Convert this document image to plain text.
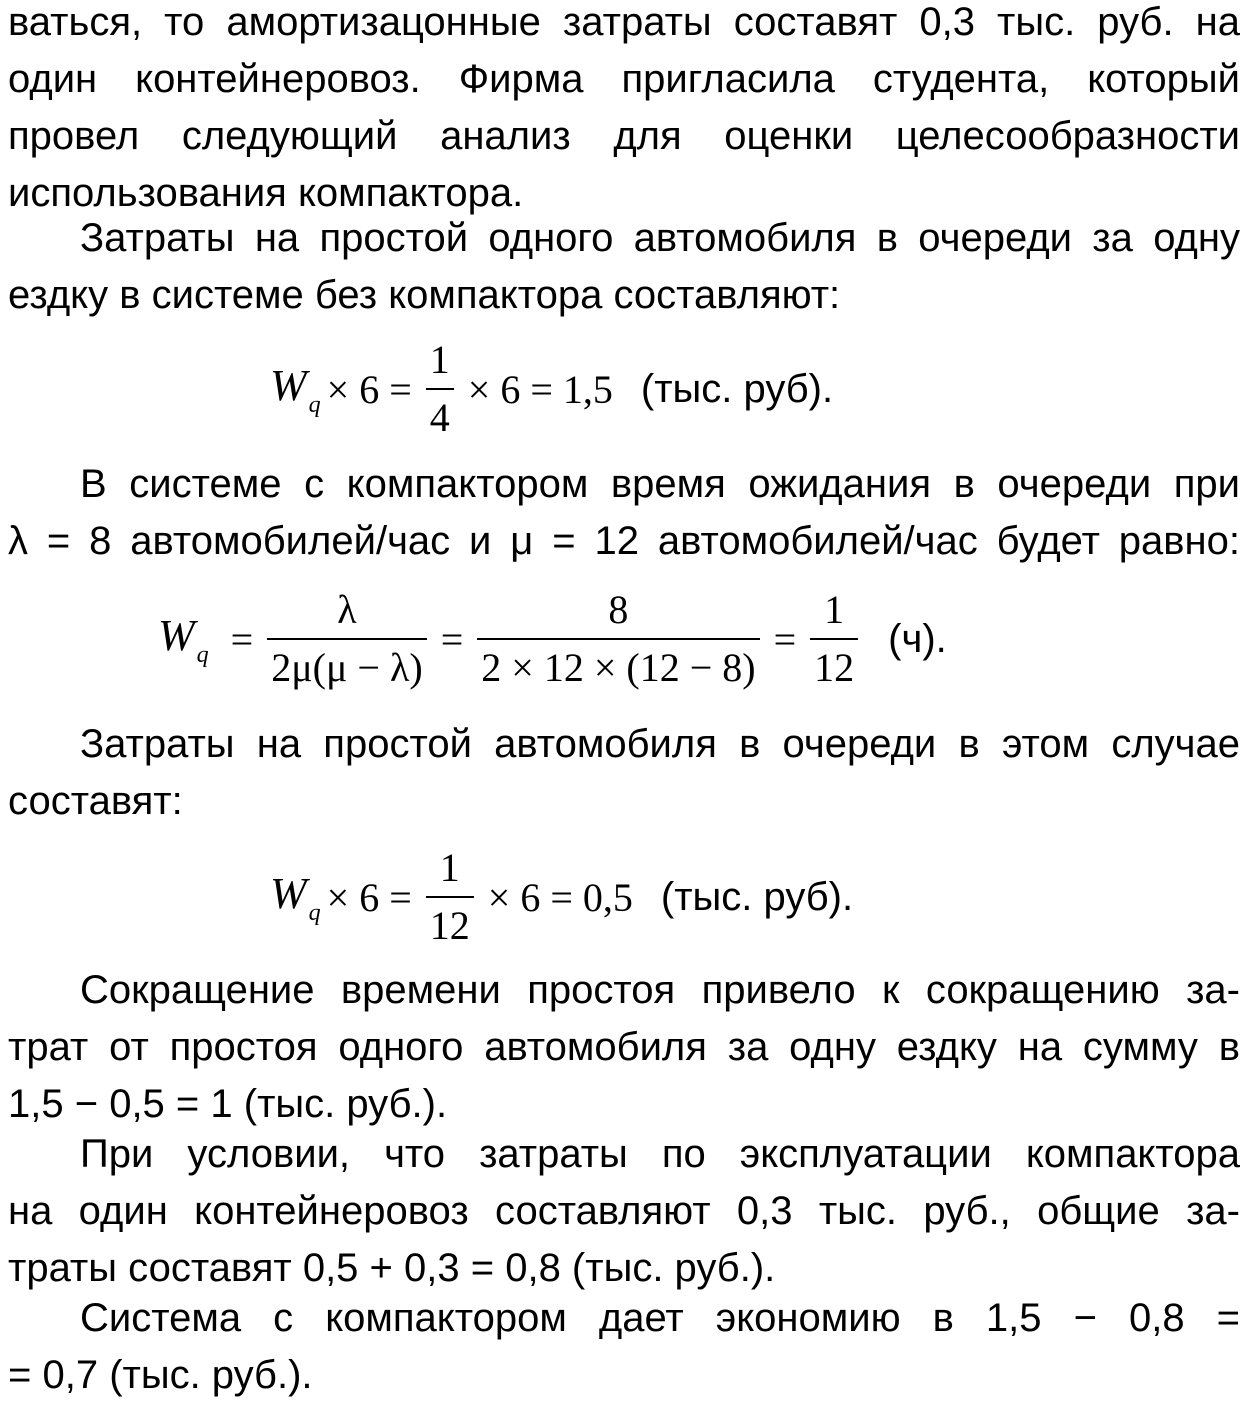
ваться, то амортизацонные затраты составят 0,3 тыс. руб. на
один контейнеровоз. Фирма пригласила студента, который
провел следующий анализ для оценки целесообразности
использования компактора.
Затраты на простой одного автомобиля в очереди за одну
ездку в системе без компактора составляют:
$W_q \times 6 = \frac{1}{4} \times 6 = 1,5$ (тыс. руб).
В системе с компактором время ожидания в очереди при
λ = 8 автомобилей/час и μ = 12 автомобилей/час будет равно:
$W_q = \frac{\lambda}{2\mu(\mu - \lambda)} = \frac{8}{2 \times 12 \times (12 - 8)} = \frac{1}{12} (ч)$.
Затраты на простой автомобиля в очереди в этом случае
составят:
$W_q \times 6 = \frac{1}{12} \times 6 = 0,5$ (тыс. руб).
Сокращение времени простоя привело к сокращению за-
трат от простоя одного автомобиля за одну ездку на сумму в
1,5 − 0,5 = 1 (тыс. руб.).
При условии, что затраты по эксплуатации компактора
на один контейнеровоз составляют 0,3 тыс. руб., общие за-
траты составят 0,5 + 0,3 = 0,8 (тыс. руб.).
Система с компактором дает экономию в 1,5 − 0,8 =
= 0,7 (тыс. руб.).
